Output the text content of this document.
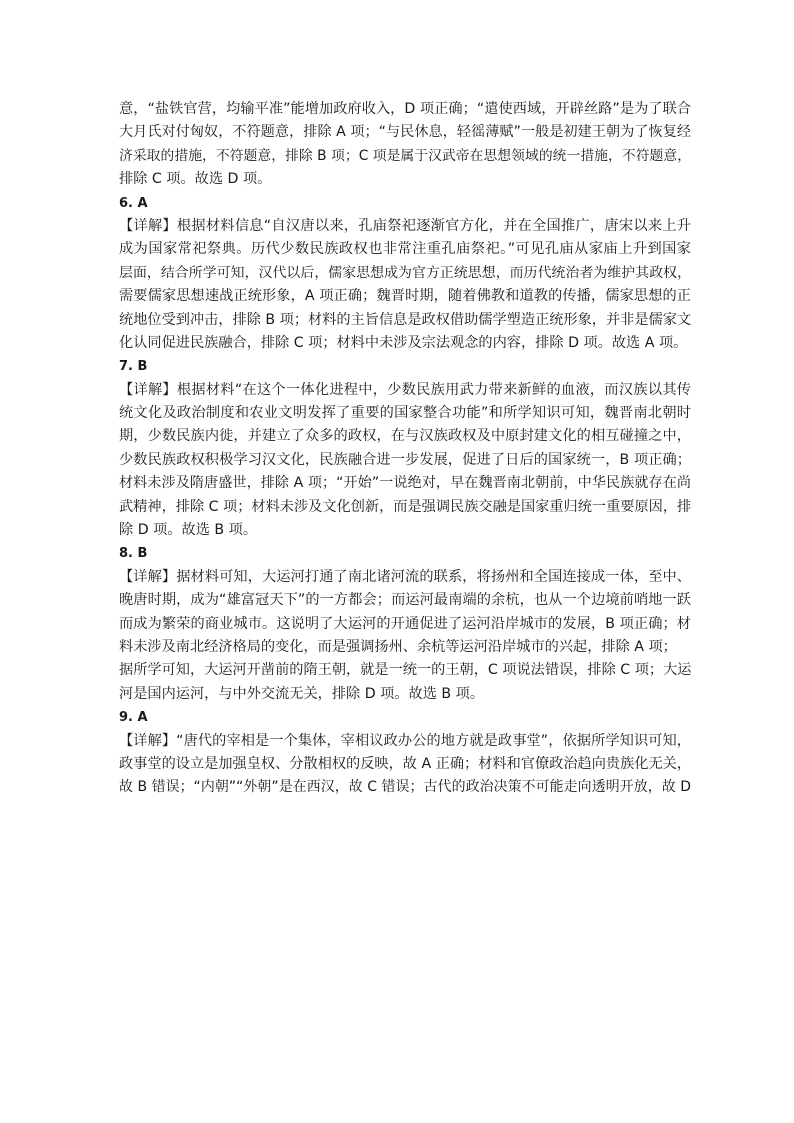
意，“盐铁官营，均输平准”能增加政府收入，D 项正确；“遣使西域，开辟丝路”是为了联合
大月氏对付匈奴，不符题意，排除 A 项；“与民休息，轻徭薄赋”一般是初建王朝为了恢复经
济采取的措施，不符题意，排除 B 项；C 项是属于汉武帝在思想领域的统一措施，不符题意，
排除 C 项。故选 D 项。
6. A
【详解】根据材料信息“自汉唐以来，孔庙祭祀逐渐官方化，并在全国推广，唐宋以来上升
成为国家常祀祭典。历代少数民族政权也非常注重孔庙祭祀。”可见孔庙从家庙上升到国家
层面，结合所学可知，汉代以后，儒家思想成为官方正统思想，而历代统治者为维护其政权，
需要儒家思想速战正统形象，A 项正确；魏晋时期，随着佛教和道教的传播，儒家思想的正
统地位受到冲击，排除 B 项；材料的主旨信息是政权借助儒学塑造正统形象，并非是儒家文
化认同促进民族融合，排除 C 项；材料中未涉及宗法观念的内容，排除 D 项。故选 A 项。
7. B
【详解】根据材料“在这个一体化进程中，少数民族用武力带来新鲜的血液，而汉族以其传
统文化及政治制度和农业文明发挥了重要的国家整合功能”和所学知识可知，魏晋南北朝时
期，少数民族内徙，并建立了众多的政权，在与汉族政权及中原封建文化的相互碰撞之中，
少数民族政权积极学习汉文化，民族融合进一步发展，促进了日后的国家统一，B 项正确；
材料未涉及隋唐盛世，排除 A 项；“开始”一说绝对，早在魏晋南北朝前，中华民族就存在尚
武精神，排除 C 项；材料未涉及文化创新，而是强调民族交融是国家重归统一重要原因，排
除 D 项。故选 B 项。
8. B
【详解】据材料可知，大运河打通了南北诸河流的联系，将扬州和全国连接成一体，至中、
晚唐时期，成为“雄富冠天下”的一方都会；而运河最南端的余杭，也从一个边境前哨地一跃
而成为繁荣的商业城市。这说明了大运河的开通促进了运河沿岸城市的发展，B 项正确；材
料未涉及南北经济格局的变化，而是强调扬州、余杭等运河沿岸城市的兴起，排除 A 项；
据所学可知，大运河开凿前的隋王朝，就是一统一的王朝，C 项说法错误，排除 C 项；大运
河是国内运河，与中外交流无关，排除 D 项。故选 B 项。
9. A
【详解】“唐代的宰相是一个集体，宰相议政办公的地方就是政事堂”，依据所学知识可知，
政事堂的设立是加强皇权、分散相权的反映，故 A 正确；材料和官僚政治趋向贵族化无关，
故 B 错误；“内朝”“外朝”是在西汉，故 C 错误；古代的政治决策不可能走向透明开放，故 D
